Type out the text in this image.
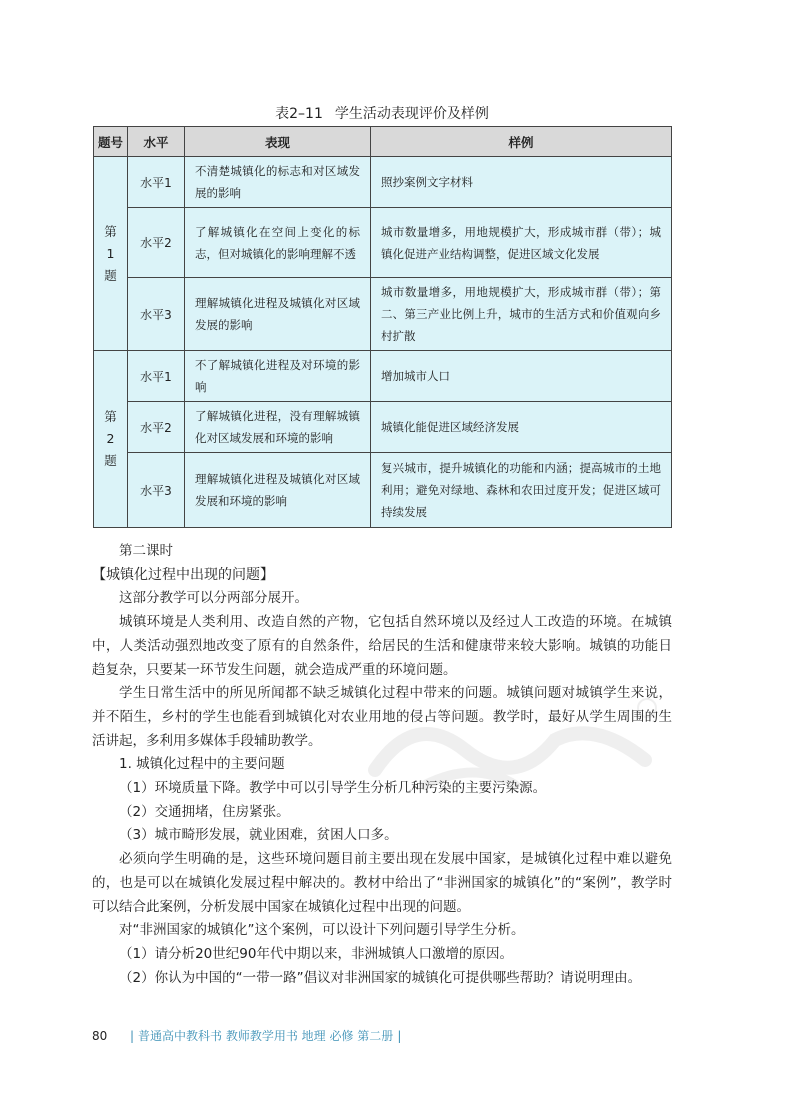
表2–11 学生活动表现评价及样例
题号	水平	表现	样例

第
1
题	水平1	不清楚城镇化的标志和对区域发展的影响	照抄案例文字材料
	水平2	了解城镇化在空间上变化的标志，但对城镇化的影响理解不透	城市数量增多，用地规模扩大，形成城市群（带）；城镇化促进产业结构调整，促进区域文化发展
	水平3	理解城镇化进程及城镇化对区域发展的影响	城市数量增多，用地规模扩大，形成城市群（带）；第二、第三产业比例上升，城市的生活方式和价值观向乡村扩散

第
2
题	水平1	不了解城镇化进程及对环境的影响	增加城市人口
	水平2	了解城镇化进程，没有理解城镇化对区域发展和环境的影响	城镇化能促进区域经济发展
	水平3	理解城镇化进程及城镇化对区域发展和环境的影响	复兴城市，提升城镇化的功能和内涵；提高城市的土地利用；避免对绿地、森林和农田过度开发；促进区域可持续发展

第二课时

【城镇化过程中出现的问题】

这部分教学可以分两部分展开。

城镇环境是人类利用、改造自然的产物，它包括自然环境以及经过人工改造的环境。在城镇中，人类活动强烈地改变了原有的自然条件，给居民的生活和健康带来较大影响。城镇的功能日趋复杂，只要某一环节发生问题，就会造成严重的环境问题。

学生日常生活中的所见所闻都不缺乏城镇化过程中带来的问题。城镇问题对城镇学生来说，并不陌生，乡村的学生也能看到城镇化对农业用地的侵占等问题。教学时，最好从学生周围的生活讲起，多利用多媒体手段辅助教学。

1. 城镇化过程中的主要问题

（1）环境质量下降。教学中可以引导学生分析几种污染的主要污染源。

（2）交通拥堵，住房紧张。

（3）城市畸形发展，就业困难，贫困人口多。

必须向学生明确的是，这些环境问题目前主要出现在发展中国家，是城镇化过程中难以避免的，也是可以在城镇化发展过程中解决的。教材中给出了“非洲国家的城镇化”的“案例”，教学时可以结合此案例，分析发展中国家在城镇化过程中出现的问题。

对“非洲国家的城镇化”这个案例，可以设计下列问题引导学生分析。

（1）请分析20世纪90年代中期以来，非洲城镇人口激增的原因。

（2）你认为中国的“一带一路”倡议对非洲国家的城镇化可提供哪些帮助？请说明理由。

80 | 普通高中教科书 教师教学用书 地理 必修 第二册 |
